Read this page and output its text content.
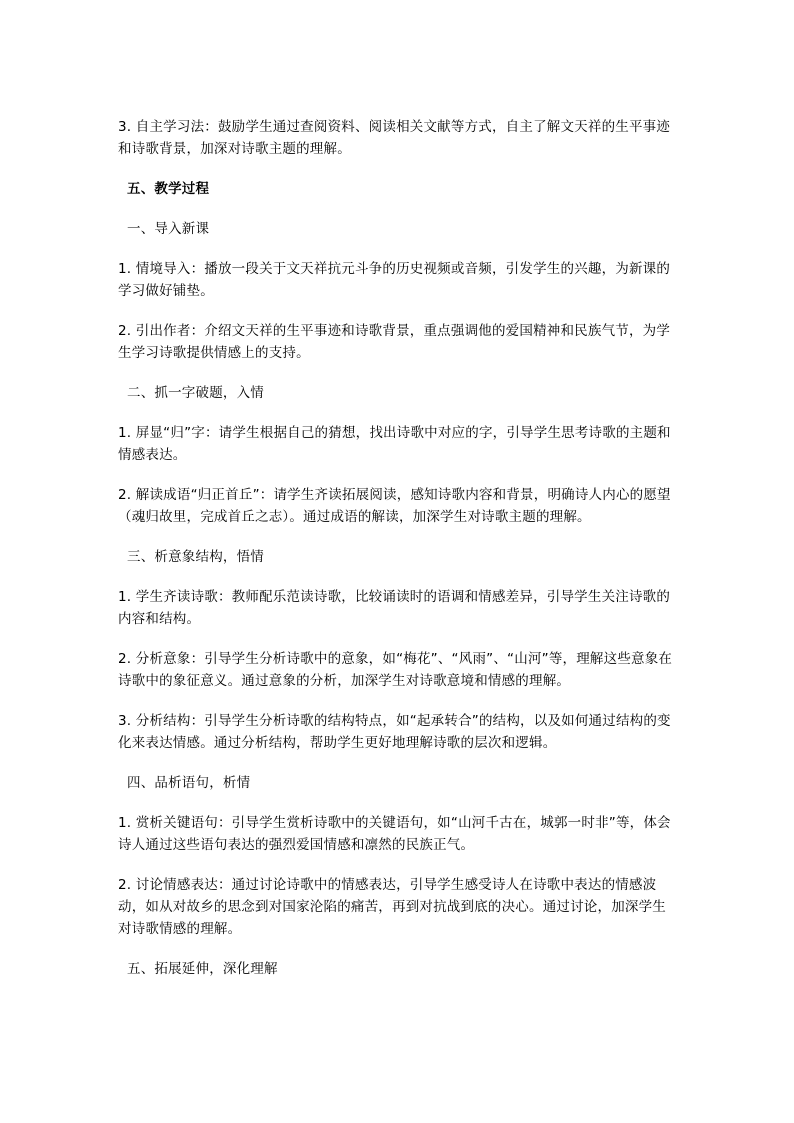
3. 自主学习法：鼓励学生通过查阅资料、阅读相关文献等方式，自主了解文天祥的生平事迹和诗歌背景，加深对诗歌主题的理解。

五、教学过程

一、导入新课

1. 情境导入：播放一段关于文天祥抗元斗争的历史视频或音频，引发学生的兴趣，为新课的学习做好铺垫。

2. 引出作者：介绍文天祥的生平事迹和诗歌背景，重点强调他的爱国精神和民族气节，为学生学习诗歌提供情感上的支持。

二、抓一字破题，入情

1. 屏显“归”字：请学生根据自己的猜想，找出诗歌中对应的字，引导学生思考诗歌的主题和情感表达。

2. 解读成语“归正首丘”：请学生齐读拓展阅读，感知诗歌内容和背景，明确诗人内心的愿望（魂归故里，完成首丘之志）。通过成语的解读，加深学生对诗歌主题的理解。

三、析意象结构，悟情

1. 学生齐读诗歌：教师配乐范读诗歌，比较诵读时的语调和情感差异，引导学生关注诗歌的内容和结构。

2. 分析意象：引导学生分析诗歌中的意象，如“梅花”、“风雨”、“山河”等，理解这些意象在诗歌中的象征意义。通过意象的分析，加深学生对诗歌意境和情感的理解。

3. 分析结构：引导学生分析诗歌的结构特点，如“起承转合”的结构，以及如何通过结构的变化来表达情感。通过分析结构，帮助学生更好地理解诗歌的层次和逻辑。

四、品析语句，析情

1. 赏析关键语句：引导学生赏析诗歌中的关键语句，如“山河千古在，城郭一时非”等，体会诗人通过这些语句表达的强烈爱国情感和凛然的民族正气。

2. 讨论情感表达：通过讨论诗歌中的情感表达，引导学生感受诗人在诗歌中表达的情感波动，如从对故乡的思念到对国家沦陷的痛苦，再到对抗战到底的决心。通过讨论，加深学生对诗歌情感的理解。

五、拓展延伸，深化理解
